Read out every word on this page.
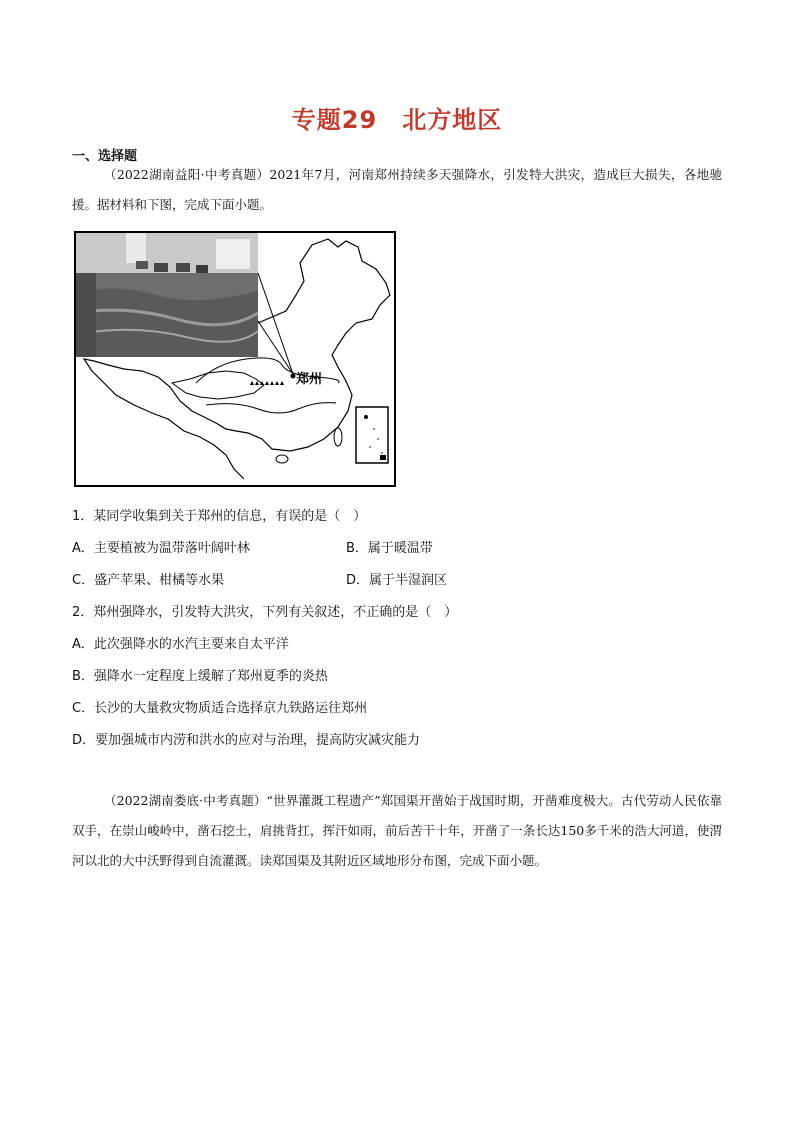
专题29　北方地区
一、选择题
（2022湖南益阳·中考真题）2021年7月，河南郑州持续多天强降水，引发特大洪灾，造成巨大损失，各地驰援。据材料和下图，完成下面小题。
郑州
1．某同学收集到关于郑州的信息，有误的是（　）
A．主要植被为温带落叶阔叶林	B．属于暖温带
C．盛产苹果、柑橘等水果	D．属于半湿润区
2．郑州强降水，引发特大洪灾，下列有关叙述，不正确的是（　）
A．此次强降水的水汽主要来自太平洋
B．强降水一定程度上缓解了郑州夏季的炎热
C．长沙的大量救灾物质适合选择京九铁路运往郑州
D．要加强城市内涝和洪水的应对与治理，提高防灾减灾能力
（2022湖南娄底·中考真题）“世界灌溉工程遗产”郑国渠开凿始于战国时期，开凿难度极大。古代劳动人民依靠双手，在崇山峻岭中，凿石挖土，肩挑背扛，挥汗如雨，前后苦干十年，开凿了一条长达150多千米的浩大河道，使渭河以北的大中沃野得到自流灌溉。读郑国渠及其附近区域地形分布图，完成下面小题。
